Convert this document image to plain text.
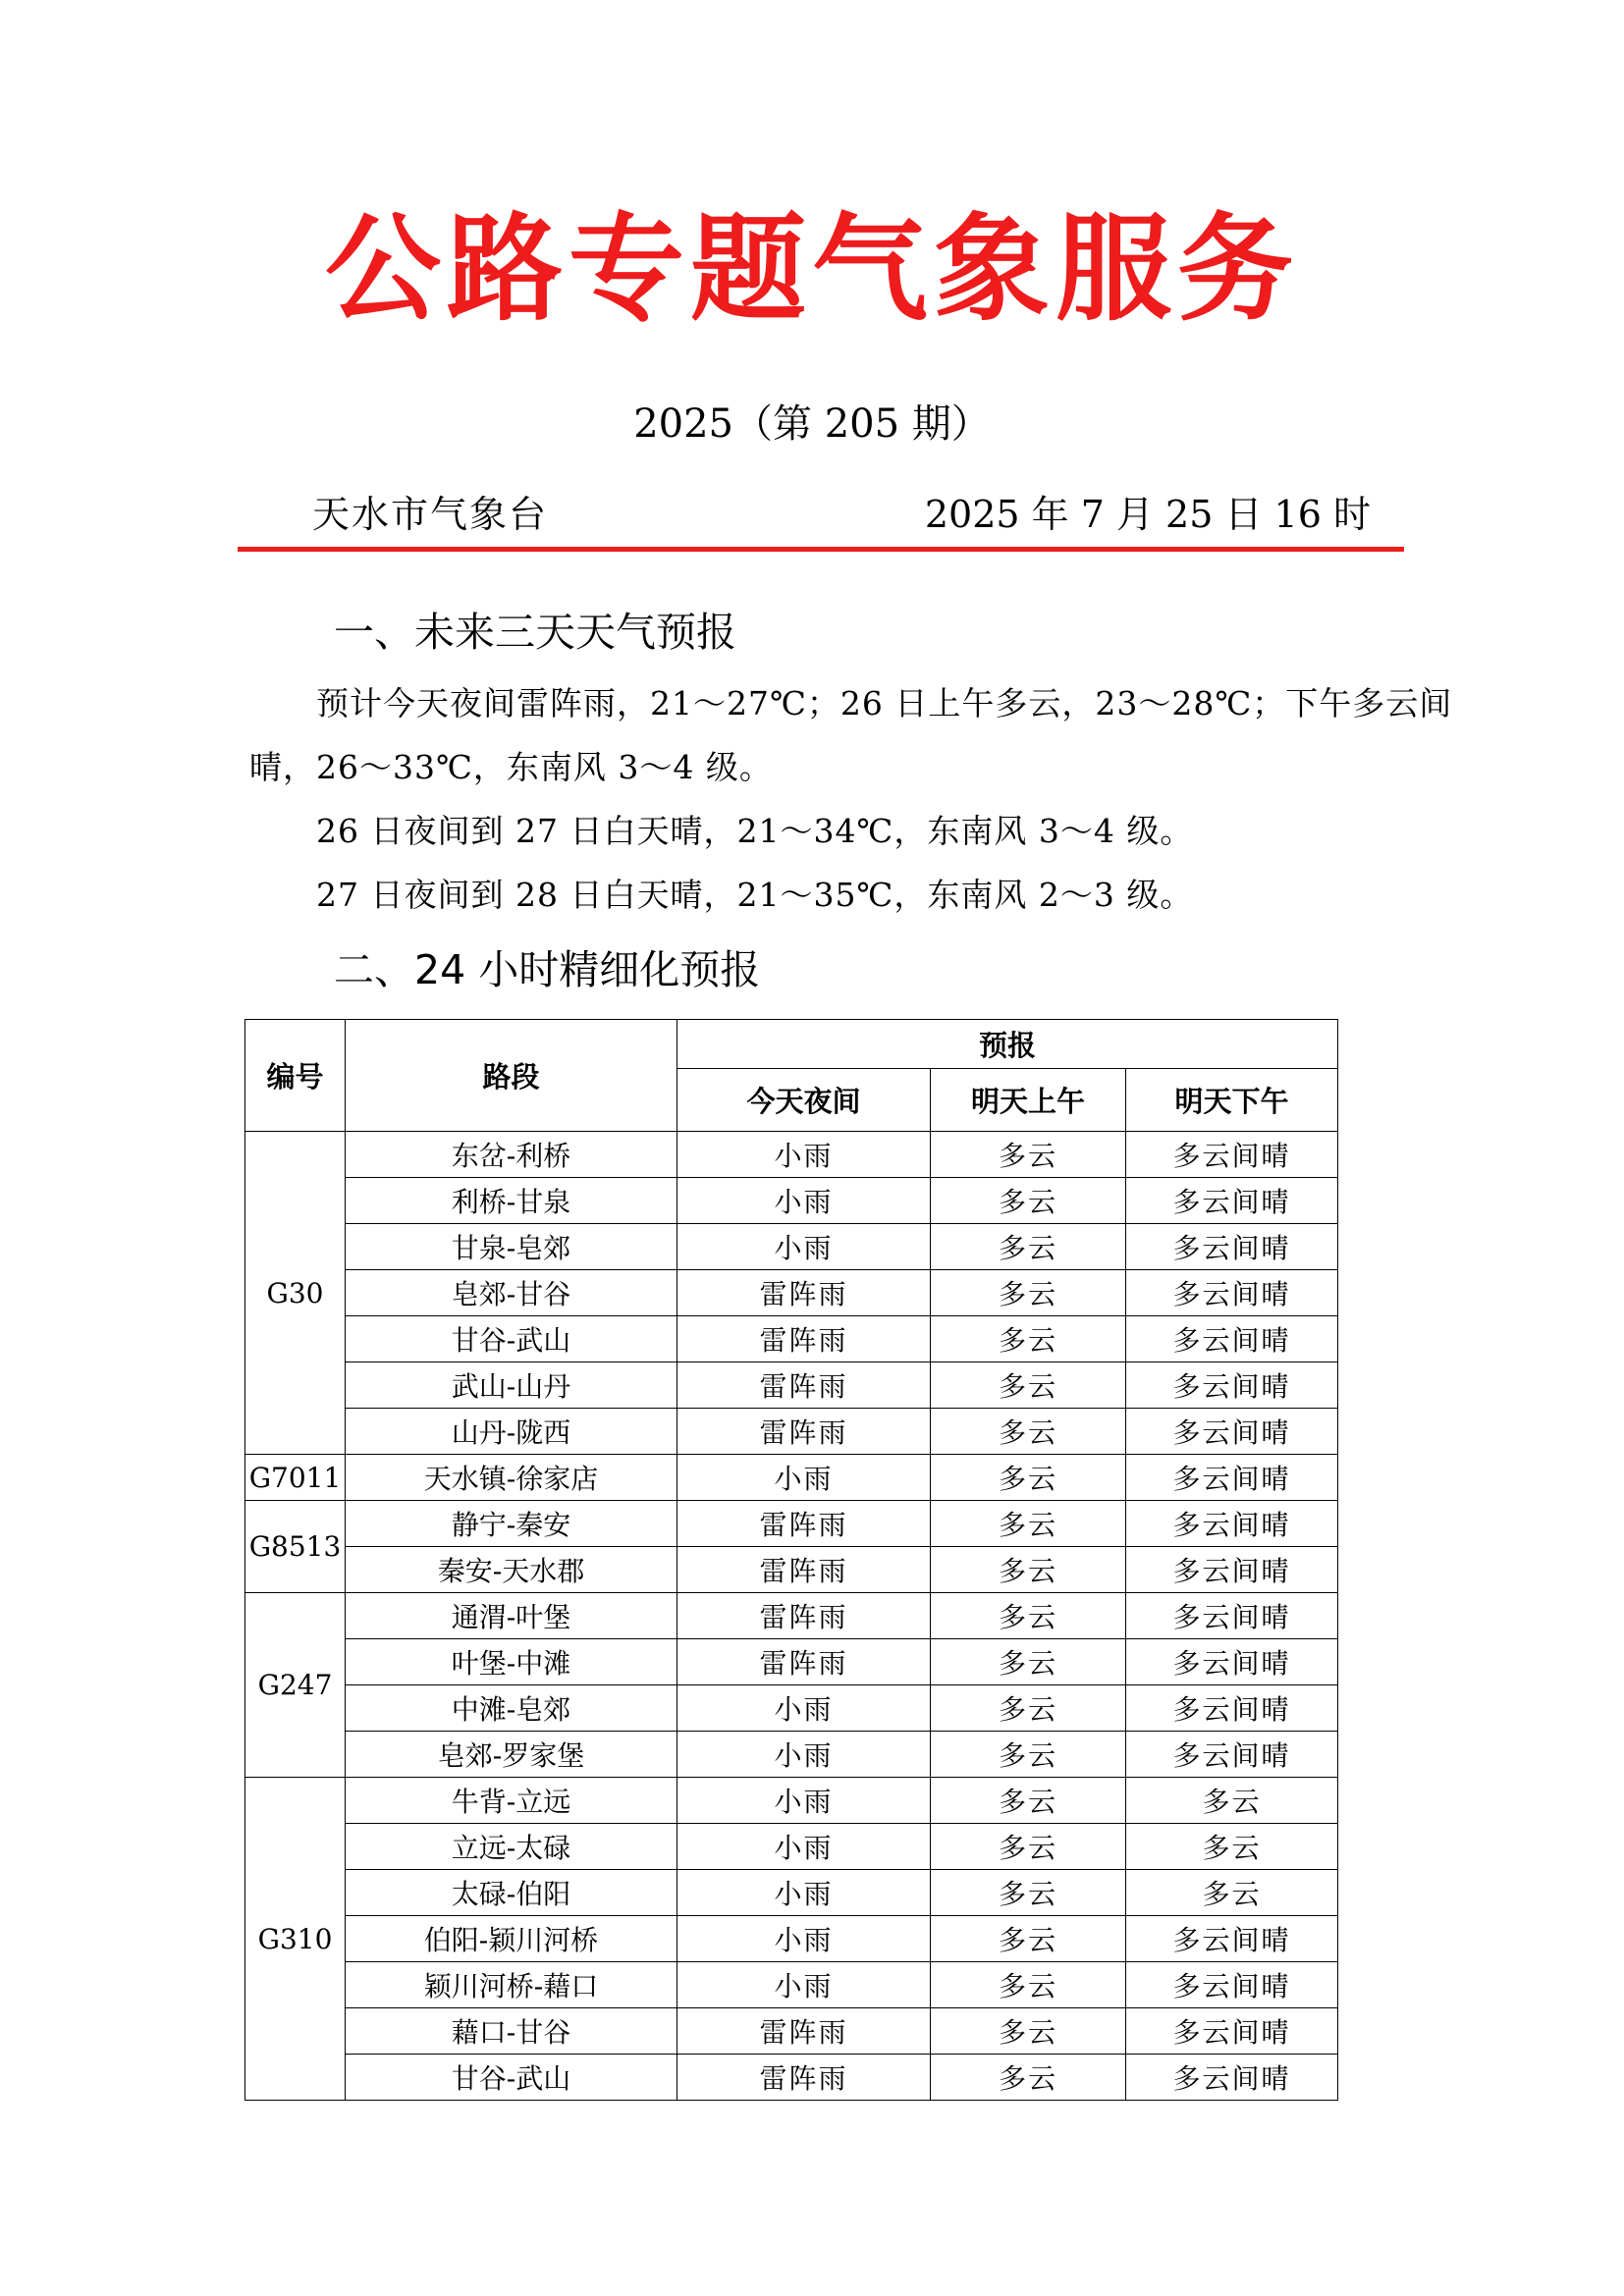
公路专题气象服务
2025（第 205 期）
天水市气象台	2025 年 7 月 25 日 16 时
一、未来三天天气预报
预计今天夜间雷阵雨，21～27℃；26 日上午多云，23～28℃；下午多云间
晴，26～33℃，东南风 3～4 级。
26 日夜间到 27 日白天晴，21～34℃，东南风 3～4 级。
27 日夜间到 28 日白天晴，21～35℃，东南风 2～3 级。
二、24 小时精细化预报
编号	路段	预报		
		今天夜间	明天上午	明天下午
G30	东岔-利桥	小雨	多云	多云间晴
	利桥-甘泉	小雨	多云	多云间晴
	甘泉-皂郊	小雨	多云	多云间晴
	皂郊-甘谷	雷阵雨	多云	多云间晴
	甘谷-武山	雷阵雨	多云	多云间晴
	武山-山丹	雷阵雨	多云	多云间晴
	山丹-陇西	雷阵雨	多云	多云间晴
G7011	天水镇-徐家店	小雨	多云	多云间晴
G8513	静宁-秦安	雷阵雨	多云	多云间晴
	秦安-天水郡	雷阵雨	多云	多云间晴
G247	通渭-叶堡	雷阵雨	多云	多云间晴
	叶堡-中滩	雷阵雨	多云	多云间晴
	中滩-皂郊	小雨	多云	多云间晴
	皂郊-罗家堡	小雨	多云	多云间晴
G310	牛背-立远	小雨	多云	多云
	立远-太碌	小雨	多云	多云
	太碌-伯阳	小雨	多云	多云
	伯阳-颖川河桥	小雨	多云	多云间晴
	颖川河桥-藉口	小雨	多云	多云间晴
	藉口-甘谷	雷阵雨	多云	多云间晴
	甘谷-武山	雷阵雨	多云	多云间晴
